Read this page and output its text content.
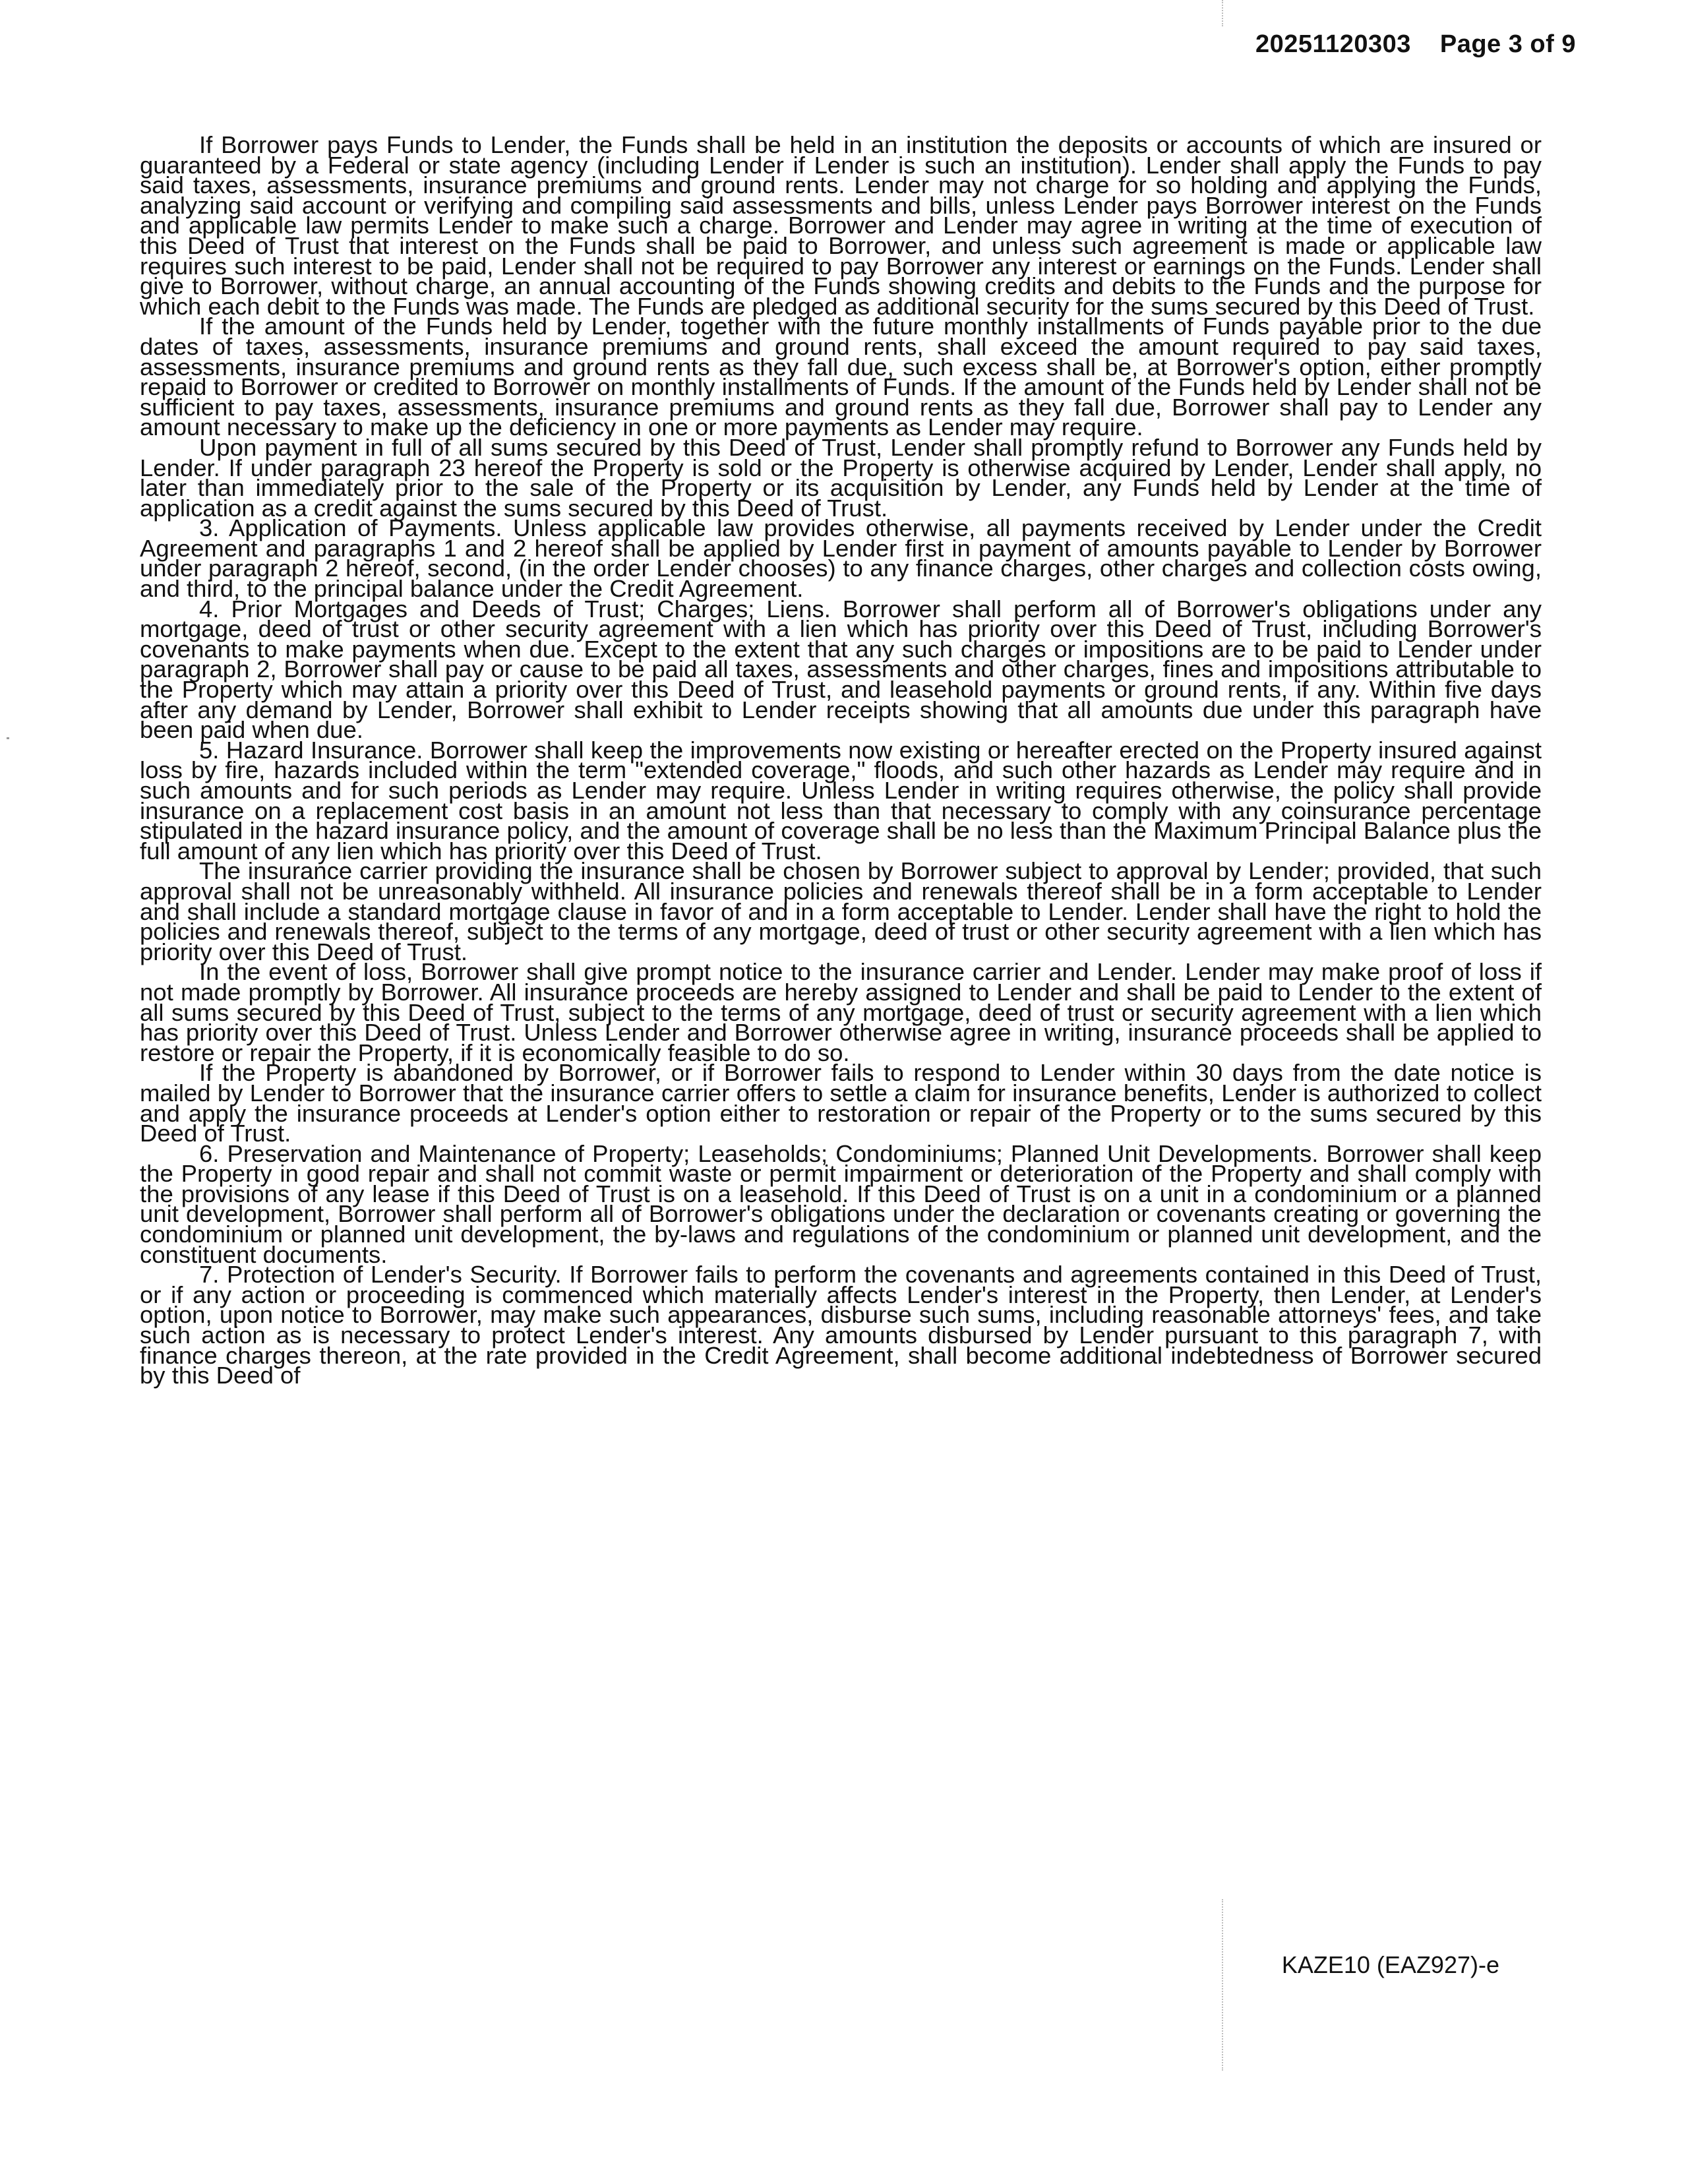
20251120303 Page 3 of 9

If Borrower pays Funds to Lender, the Funds shall be held in an institution the deposits or accounts of which are insured or guaranteed by a Federal or state agency (including Lender if Lender is such an institution). Lender shall apply the Funds to pay said taxes, assessments, insurance premiums and ground rents. Lender may not charge for so holding and applying the Funds, analyzing said account or verifying and compiling said assessments and bills, unless Lender pays Borrower interest on the Funds and applicable law permits Lender to make such a charge. Borrower and Lender may agree in writing at the time of execution of this Deed of Trust that interest on the Funds shall be paid to Borrower, and unless such agreement is made or applicable law requires such interest to be paid, Lender shall not be required to pay Borrower any interest or earnings on the Funds. Lender shall give to Borrower, without charge, an annual accounting of the Funds showing credits and debits to the Funds and the purpose for which each debit to the Funds was made. The Funds are pledged as additional security for the sums secured by this Deed of Trust.

If the amount of the Funds held by Lender, together with the future monthly installments of Funds payable prior to the due dates of taxes, assessments, insurance premiums and ground rents, shall exceed the amount required to pay said taxes, assessments, insurance premiums and ground rents as they fall due, such excess shall be, at Borrower's option, either promptly repaid to Borrower or credited to Borrower on monthly installments of Funds. If the amount of the Funds held by Lender shall not be sufficient to pay taxes, assessments, insurance premiums and ground rents as they fall due, Borrower shall pay to Lender any amount necessary to make up the deficiency in one or more payments as Lender may require.

Upon payment in full of all sums secured by this Deed of Trust, Lender shall promptly refund to Borrower any Funds held by Lender. If under paragraph 23 hereof the Property is sold or the Property is otherwise acquired by Lender, Lender shall apply, no later than immediately prior to the sale of the Property or its acquisition by Lender, any Funds held by Lender at the time of application as a credit against the sums secured by this Deed of Trust.

3. Application of Payments. Unless applicable law provides otherwise, all payments received by Lender under the Credit Agreement and paragraphs 1 and 2 hereof shall be applied by Lender first in payment of amounts payable to Lender by Borrower under paragraph 2 hereof, second, (in the order Lender chooses) to any finance charges, other charges and collection costs owing, and third, to the principal balance under the Credit Agreement.

4. Prior Mortgages and Deeds of Trust; Charges; Liens. Borrower shall perform all of Borrower's obligations under any mortgage, deed of trust or other security agreement with a lien which has priority over this Deed of Trust, including Borrower's covenants to make payments when due. Except to the extent that any such charges or impositions are to be paid to Lender under paragraph 2, Borrower shall pay or cause to be paid all taxes, assessments and other charges, fines and impositions attributable to the Property which may attain a priority over this Deed of Trust, and leasehold payments or ground rents, if any. Within five days after any demand by Lender, Borrower shall exhibit to Lender receipts showing that all amounts due under this paragraph have been paid when due.

5. Hazard Insurance. Borrower shall keep the improvements now existing or hereafter erected on the Property insured against loss by fire, hazards included within the term "extended coverage," floods, and such other hazards as Lender may require and in such amounts and for such periods as Lender may require. Unless Lender in writing requires otherwise, the policy shall provide insurance on a replacement cost basis in an amount not less than that necessary to comply with any coinsurance percentage stipulated in the hazard insurance policy, and the amount of coverage shall be no less than the Maximum Principal Balance plus the full amount of any lien which has priority over this Deed of Trust.

The insurance carrier providing the insurance shall be chosen by Borrower subject to approval by Lender; provided, that such approval shall not be unreasonably withheld. All insurance policies and renewals thereof shall be in a form acceptable to Lender and shall include a standard mortgage clause in favor of and in a form acceptable to Lender. Lender shall have the right to hold the policies and renewals thereof, subject to the terms of any mortgage, deed of trust or other security agreement with a lien which has priority over this Deed of Trust.

In the event of loss, Borrower shall give prompt notice to the insurance carrier and Lender. Lender may make proof of loss if not made promptly by Borrower. All insurance proceeds are hereby assigned to Lender and shall be paid to Lender to the extent of all sums secured by this Deed of Trust, subject to the terms of any mortgage, deed of trust or security agreement with a lien which has priority over this Deed of Trust. Unless Lender and Borrower otherwise agree in writing, insurance proceeds shall be applied to restore or repair the Property, if it is economically feasible to do so.

If the Property is abandoned by Borrower, or if Borrower fails to respond to Lender within 30 days from the date notice is mailed by Lender to Borrower that the insurance carrier offers to settle a claim for insurance benefits, Lender is authorized to collect and apply the insurance proceeds at Lender's option either to restoration or repair of the Property or to the sums secured by this Deed of Trust.

6. Preservation and Maintenance of Property; Leaseholds; Condominiums; Planned Unit Developments. Borrower shall keep the Property in good repair and shall not commit waste or permit impairment or deterioration of the Property and shall comply with the provisions of any lease if this Deed of Trust is on a leasehold. If this Deed of Trust is on a unit in a condominium or a planned unit development, Borrower shall perform all of Borrower's obligations under the declaration or covenants creating or governing the condominium or planned unit development, the by-laws and regulations of the condominium or planned unit development, and the constituent documents.

7. Protection of Lender's Security. If Borrower fails to perform the covenants and agreements contained in this Deed of Trust, or if any action or proceeding is commenced which materially affects Lender's interest in the Property, then Lender, at Lender's option, upon notice to Borrower, may make such appearances, disburse such sums, including reasonable attorneys' fees, and take such action as is necessary to protect Lender's interest. Any amounts disbursed by Lender pursuant to this paragraph 7, with finance charges thereon, at the rate provided in the Credit Agreement, shall become additional indebtedness of Borrower secured by this Deed of

KAZE10 (EAZ927)-e
